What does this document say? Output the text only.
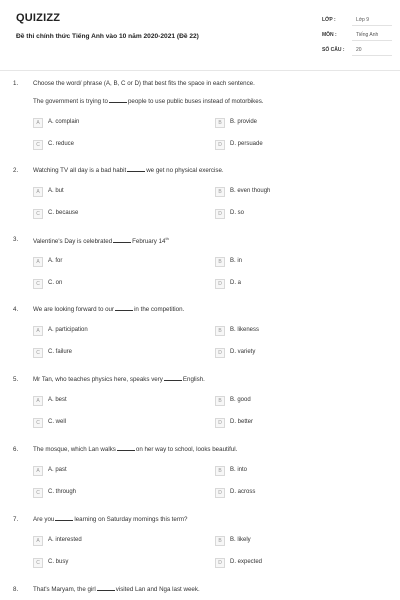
QUIZIZZ
Đề thi chính thức Tiếng Anh vào 10 năm 2020-2021 (Đề 22)
LỚP :	Lớp 9
MÔN :	Tiếng Anh
SỐ CÂU :	20
1. Choose the word/ phrase (A, B, C or D) that best fits the space in each sentence.
The government is trying to	people to use public buses instead of motorbikes.
A	A. complain	B	B. provide
C	C. reduce	D	D. persuade
2. Watching TV all day is a bad habit	we get no physical exercise.
A	A. but	B	B. even though
C	C. because	D	D. so
3. Valentine's Day is celebrated	February 14th
A	A. for	B	B. in
C	C. on	D	D. a
4. We are looking forward to our	in the competition.
A	A. participation	B	B. likeness
C	C. failure	D	D. variety
5. Mr Tan, who teaches physics here, speaks very	English.
A	A. best	B	B. good
C	C. well	D	D. better
6. The mosque, which Lan walks	on her way to school, looks beautiful.
A	A. past	B	B. into
C	C. through	D	D. across
7. Are you	learning on Saturday mornings this term?
A	A. interested	B	B. likely
C	C. busy	D	D. expected
8. That's Maryam, the girl	visited Lan and Nga last week.
